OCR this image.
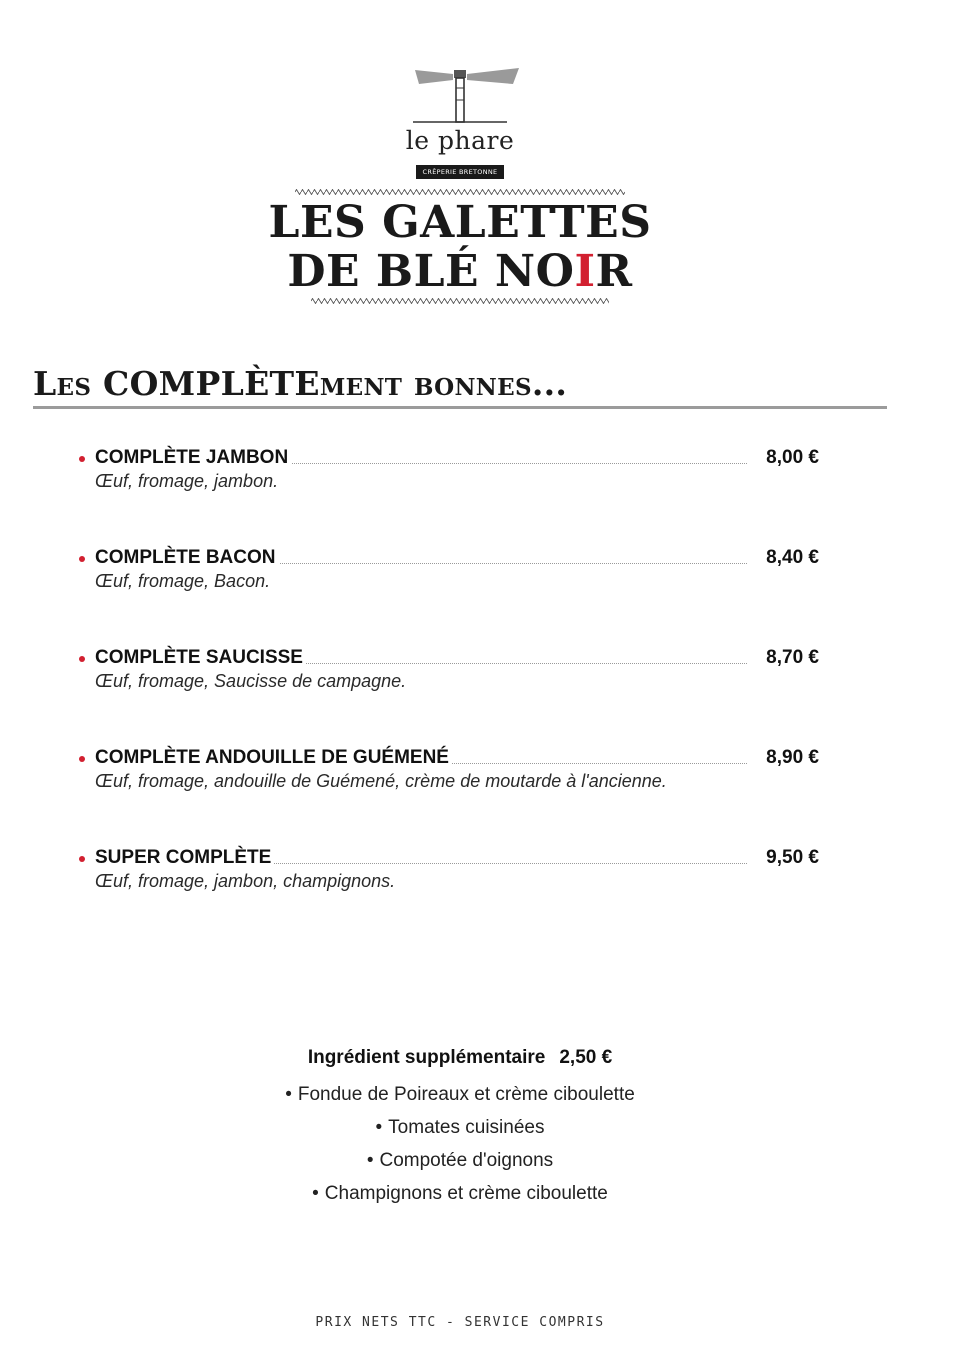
le phare
CRÊPERIE BRETONNE
LES GALETTES
DE BLÉ NOIR
Les COMPLÈTEment bonnes...
COMPLÈTE JAMBON	8,00 €
Œuf, fromage, jambon.
COMPLÈTE BACON	8,40 €
Œuf, fromage, Bacon.
COMPLÈTE SAUCISSE	8,70 €
Œuf, fromage, Saucisse de campagne.
COMPLÈTE ANDOUILLE DE GUÉMENÉ	8,90 €
Œuf, fromage, andouille de Guémené, crème de moutarde à l'ancienne.
SUPER COMPLÈTE	9,50 €
Œuf, fromage, jambon, champignons.
Ingrédient supplémentaire 2,50 €
• Fondue de Poireaux et crème ciboulette
• Tomates cuisinées
• Compotée d'oignons
• Champignons et crème ciboulette
PRIX NETS TTC - SERVICE COMPRIS
